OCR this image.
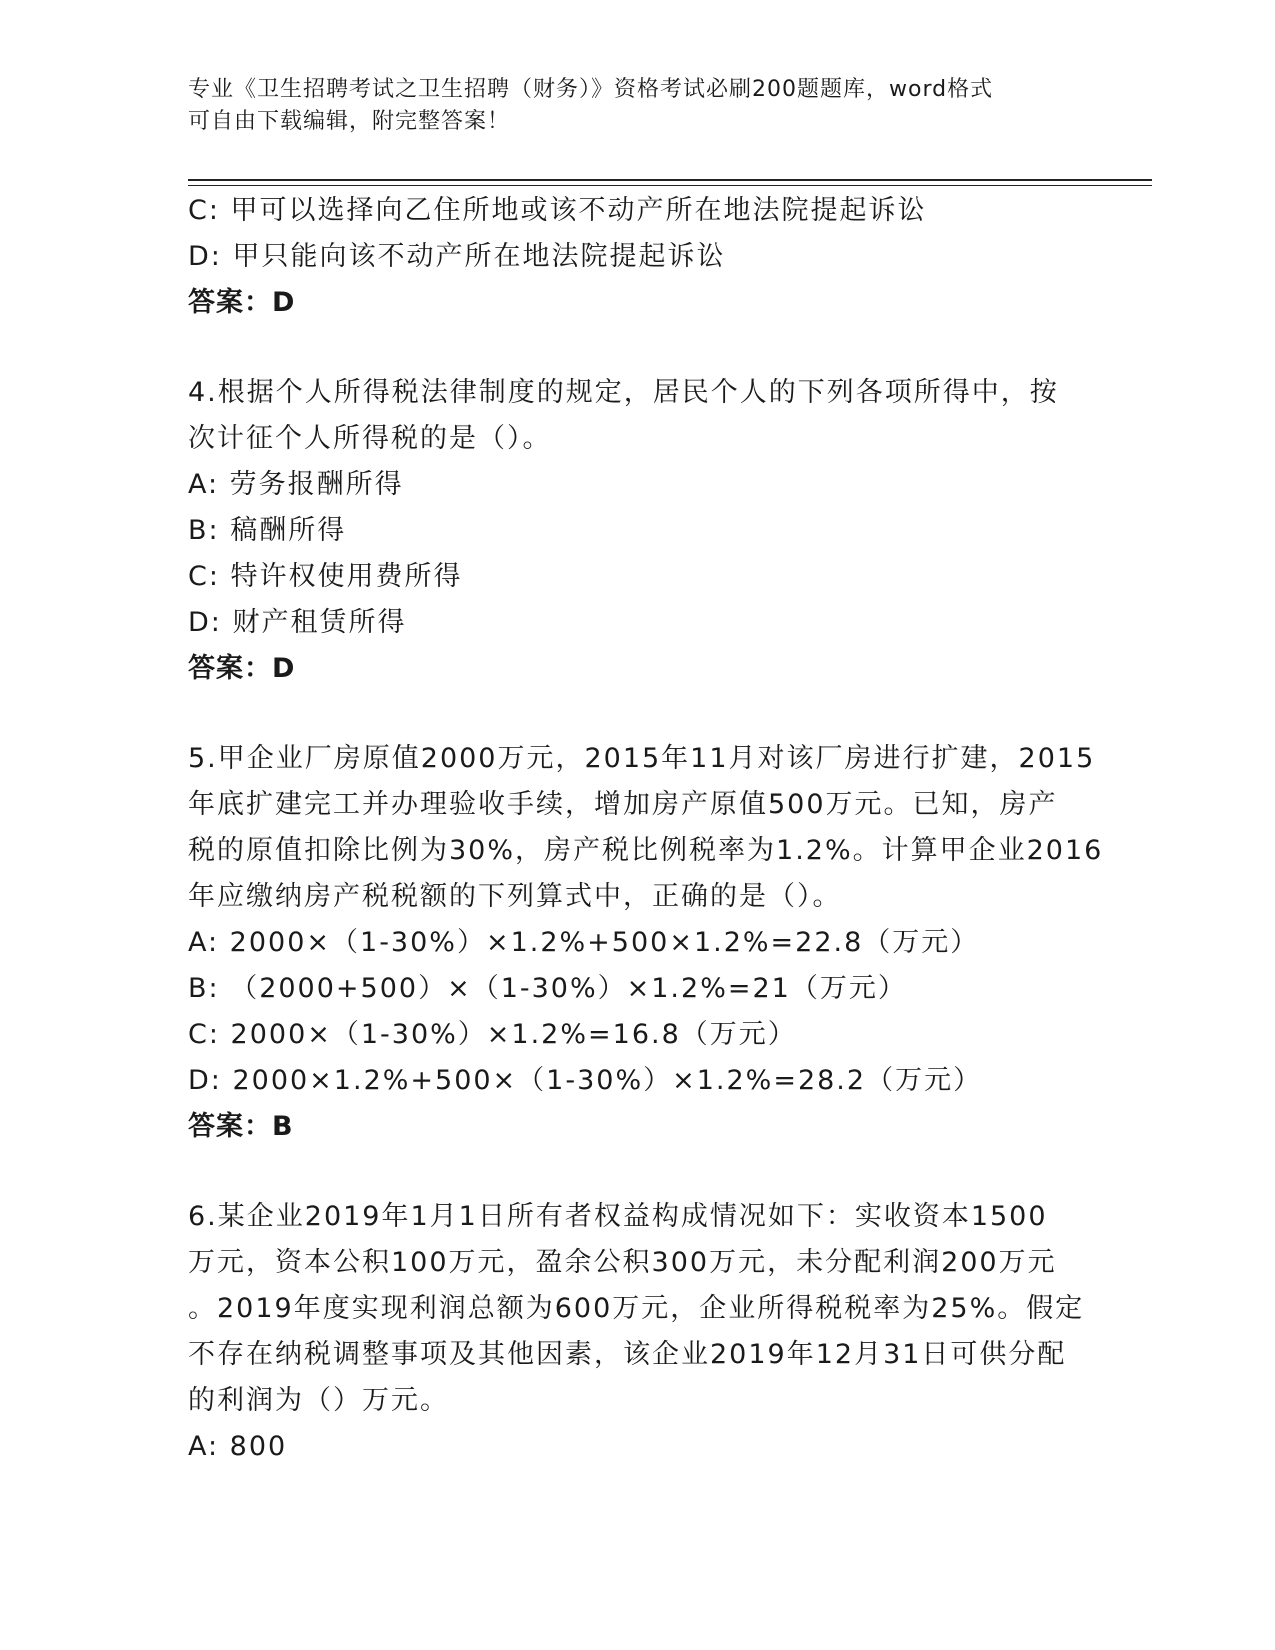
专业《卫生招聘考试之卫生招聘（财务）》资格考试必刷200题题库，word格式
可自由下载编辑，附完整答案！
C: 甲可以选择向乙住所地或该不动产所在地法院提起诉讼
D: 甲只能向该不动产所在地法院提起诉讼
答案：D
4.根据个人所得税法律制度的规定，居民个人的下列各项所得中，按
次计征个人所得税的是（）。
A: 劳务报酬所得
B: 稿酬所得
C: 特许权使用费所得
D: 财产租赁所得
答案：D
5.甲企业厂房原值2000万元，2015年11月对该厂房进行扩建，2015
年底扩建完工并办理验收手续，增加房产原值500万元。已知，房产
税的原值扣除比例为30%，房产税比例税率为1.2%。计算甲企业2016
年应缴纳房产税税额的下列算式中，正确的是（）。
A: 2000×（1-30%）×1.2%+500×1.2%=22.8（万元）
B: （2000+500）×（1-30%）×1.2%=21（万元）
C: 2000×（1-30%）×1.2%=16.8（万元）
D: 2000×1.2%+500×（1-30%）×1.2%=28.2（万元）
答案：B
6.某企业2019年1月1日所有者权益构成情况如下：实收资本1500
万元，资本公积100万元，盈余公积300万元，未分配利润200万元
。2019年度实现利润总额为600万元，企业所得税税率为25%。假定
不存在纳税调整事项及其他因素，该企业2019年12月31日可供分配
的利润为（）万元。
A: 800
